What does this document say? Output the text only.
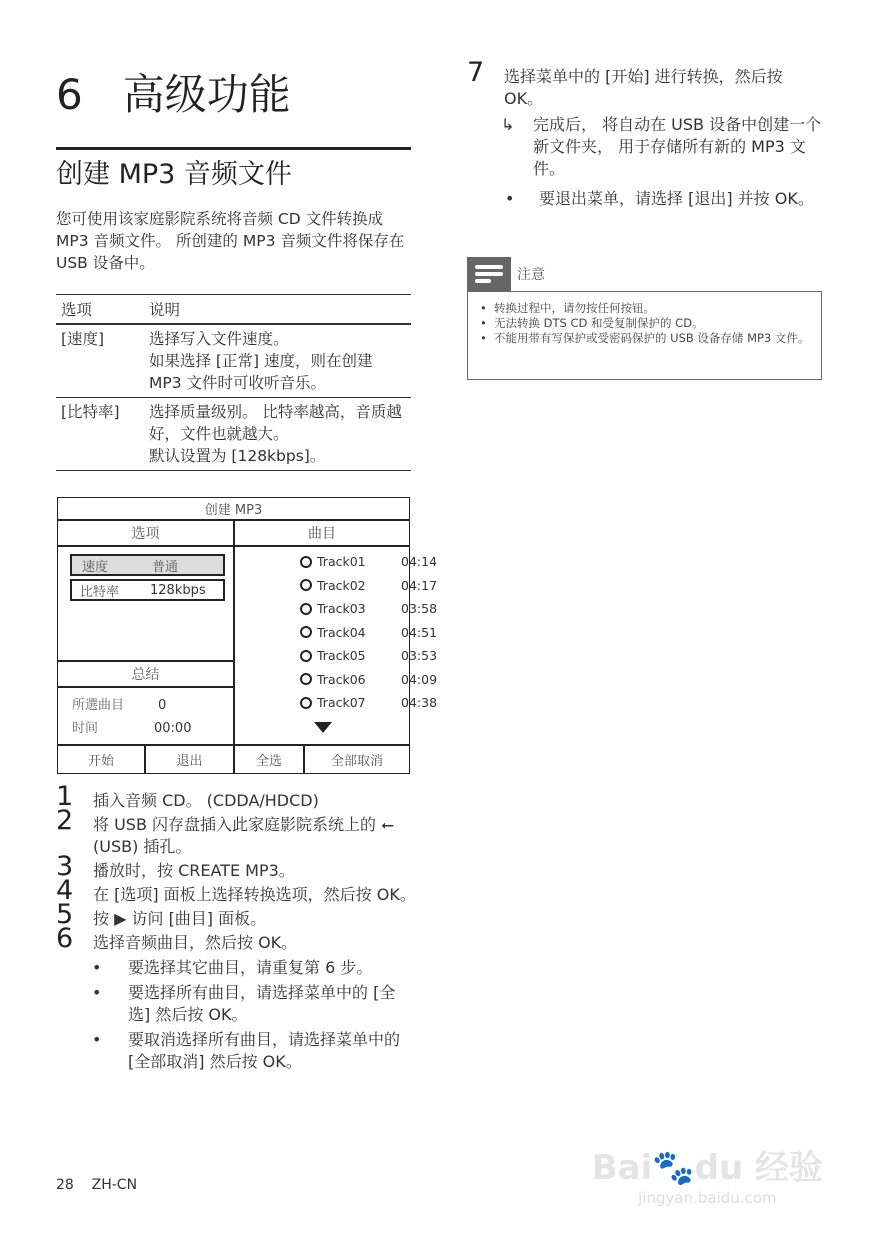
6 高级功能
创建 MP3 音频文件
您可使用该家庭影院系统将音频 CD 文件转换成 MP3 音频文件。 所创建的 MP3 音频文件将保存在 USB 设备中。
选项	说明
[速度]	选择写入文件速度。
如果选择 [正常] 速度，则在创建 MP3 文件时可收听音乐。

[比特率]	选择质量级别。 比特率越高，音质越好，文件也就越大。
默认设置为 [128kbps]。
创建 MP3
选项	曲目
速度	普通
比特率	128kbps
总结
所選曲目	0
时间	00:00
Track01	04:14
Track02	04:17
Track03	03:58
Track04	04:51
Track05	03:53
Track06	04:09
Track07	04:38
开始	退出	全选	全部取消
1 插入音频 CD。 (CDDA/HDCD)
2 将 USB 闪存盘插入此家庭影院系统上的 ⭠ (USB) 插孔。
3 播放时，按 CREATE MP3。
4 在 [选项] 面板上选择转换选项，然后按 OK。
5 按 ▶ 访问 [曲目] 面板。
6 选择音频曲目，然后按 OK。
• 要选择其它曲目，请重复第 6 步。
• 要选择所有曲目，请选择菜单中的 [全选] 然后按 OK。
• 要取消选择所有曲目，请选择菜单中的 [全部取消] 然后按 OK。
7 选择菜单中的 [开始] 进行转换，然后按 OK。
↳ 完成后， 将自动在 USB 设备中创建一个新文件夹， 用于存储所有新的 MP3 文件。
• 要退出菜单，请选择 [退出] 并按 OK。
注意
• 转换过程中，请勿按任何按钮。
• 无法转换 DTS CD 和受复制保护的 CD。
• 不能用带有写保护或受密码保护的 USB 设备存储 MP3 文件。
28 ZH-CN	Bai🐾du 经验
jingyan.baidu.com
